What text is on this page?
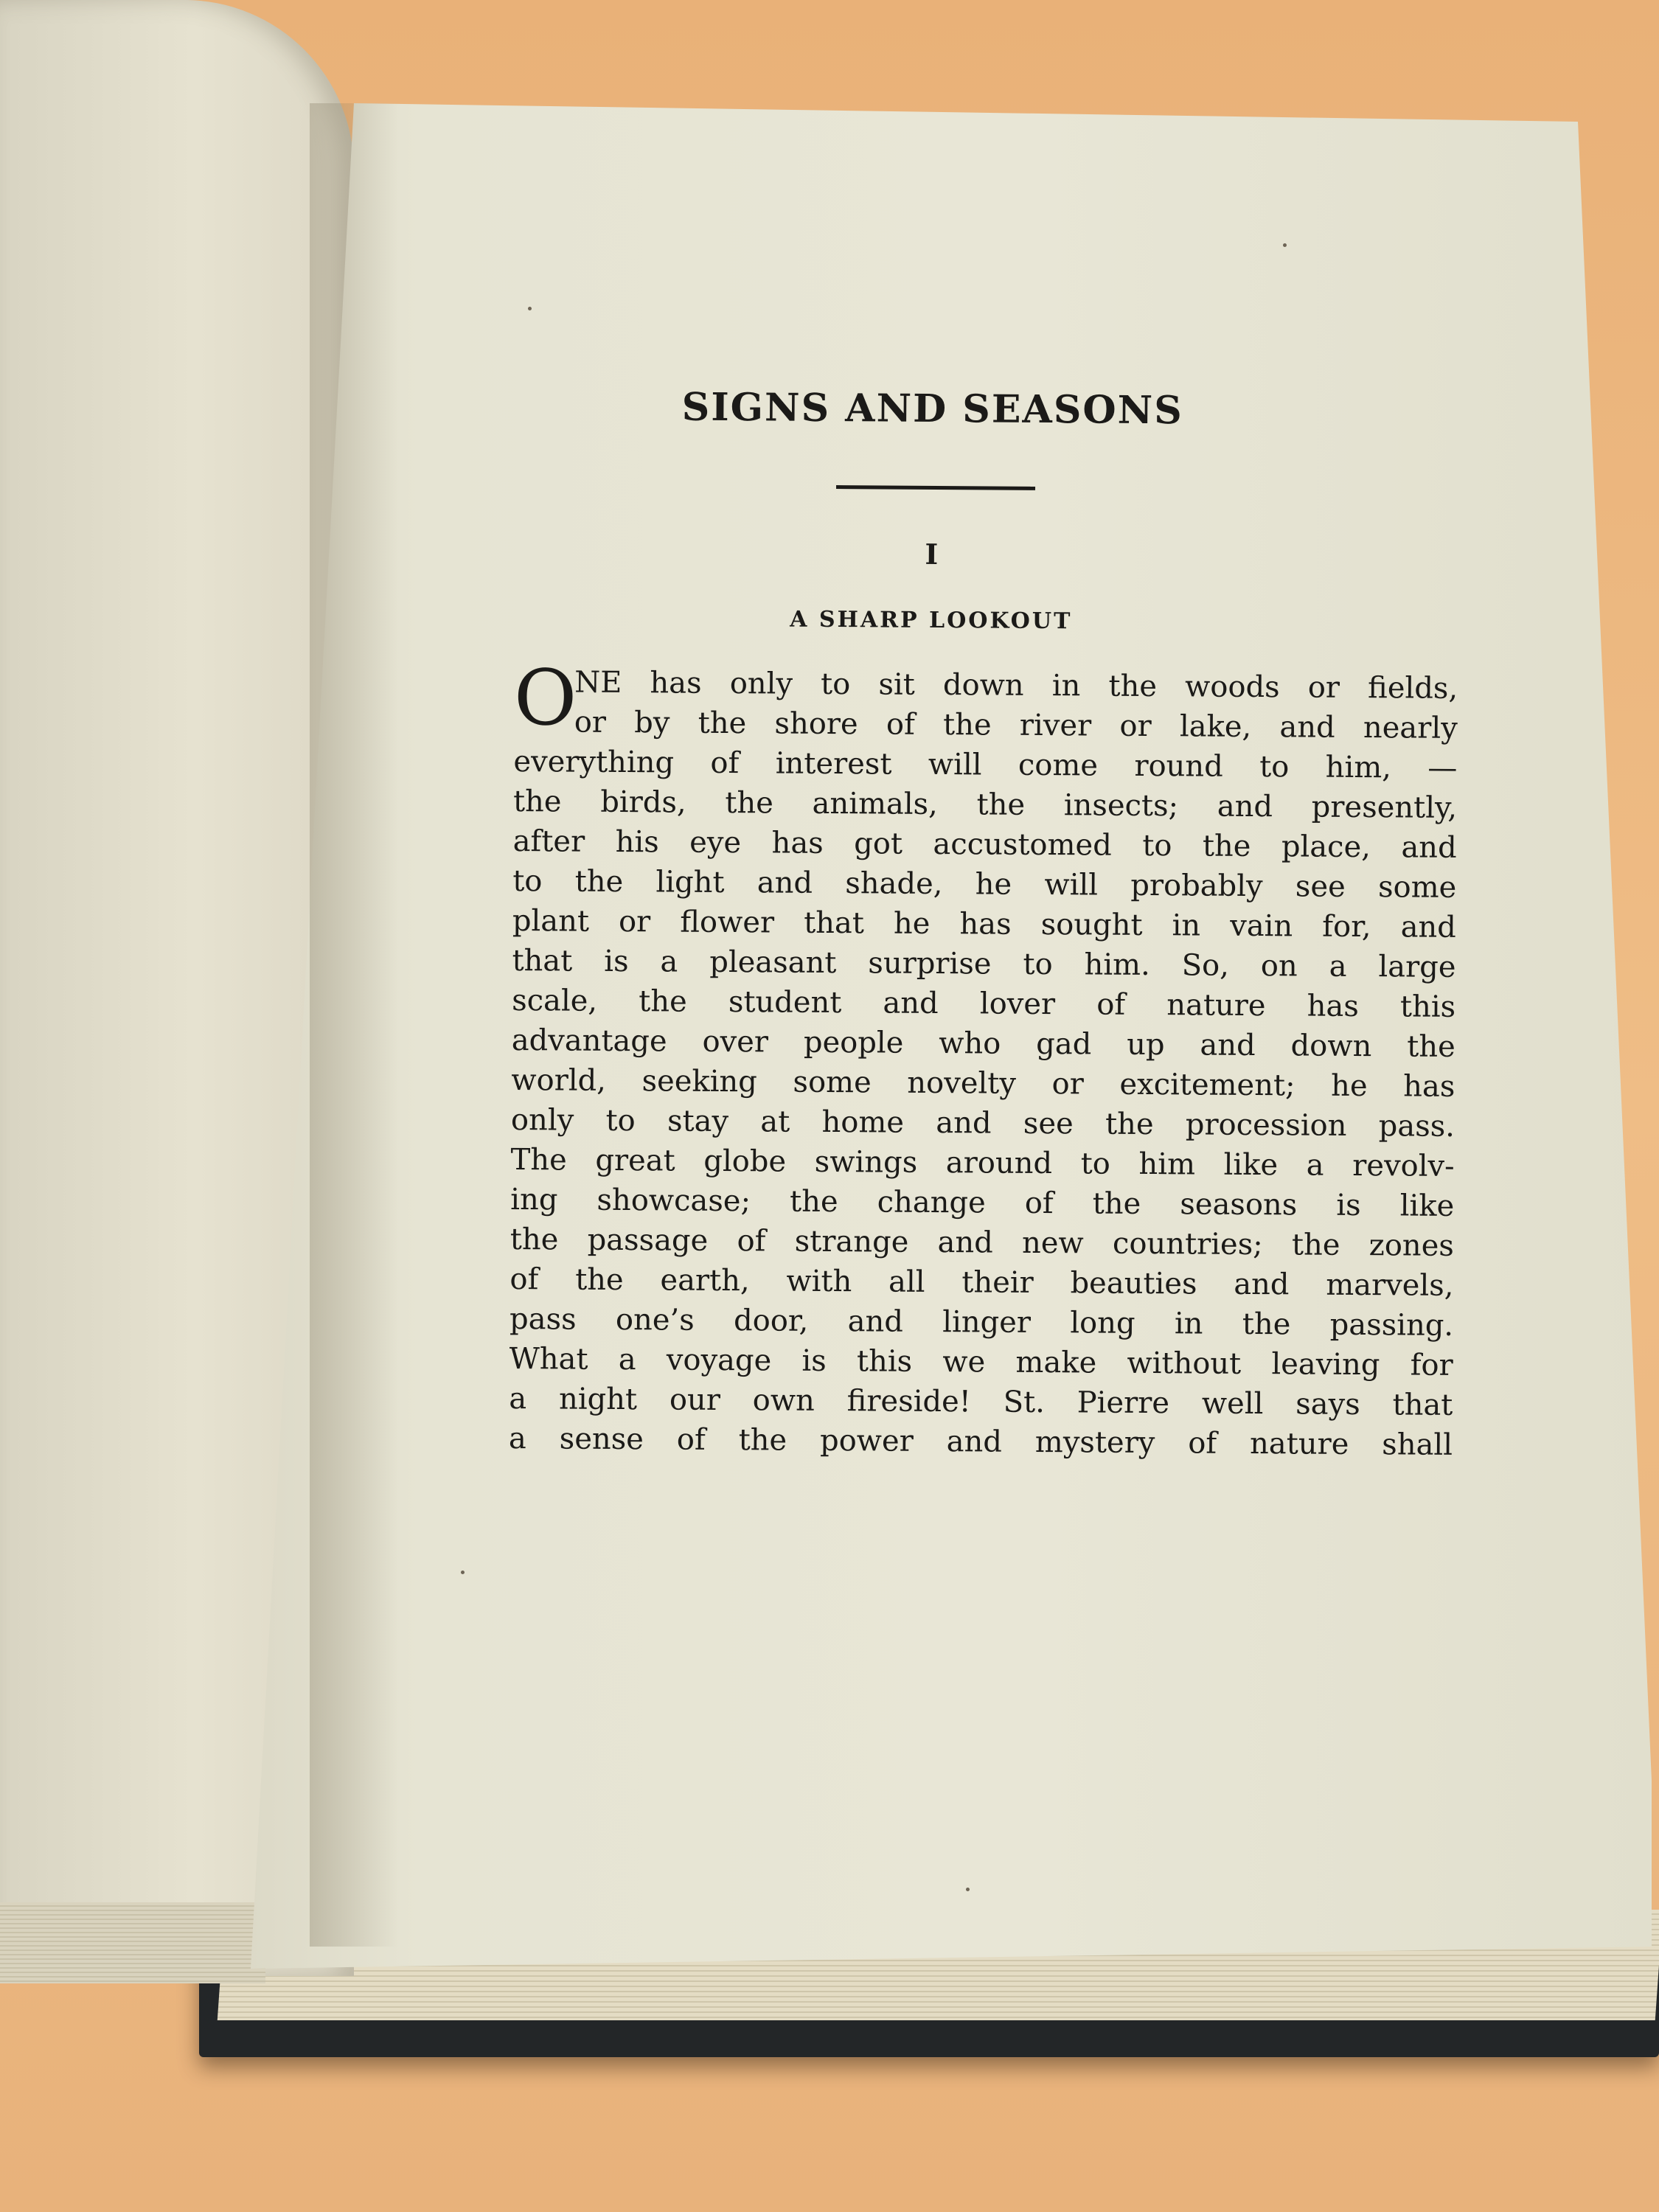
SIGNS AND SEASONS
I
A SHARP LOOKOUT
O
NE has only to sit down in the woods or fields,
or by the shore of the river or lake, and nearly
everything of interest will come round to him, —
the birds, the animals, the insects; and presently,
after his eye has got accustomed to the place, and
to the light and shade, he will probably see some
plant or flower that he has sought in vain for, and
that is a pleasant surprise to him. So, on a large
scale, the student and lover of nature has this
advantage over people who gad up and down the
world, seeking some novelty or excitement; he has
only to stay at home and see the procession pass.
The great globe swings around to him like a revolv-
ing showcase; the change of the seasons is like
the passage of strange and new countries; the zones
of the earth, with all their beauties and marvels,
pass one’s door, and linger long in the passing.
What a voyage is this we make without leaving for
a night our own fireside! St. Pierre well says that
a sense of the power and mystery of nature shall
